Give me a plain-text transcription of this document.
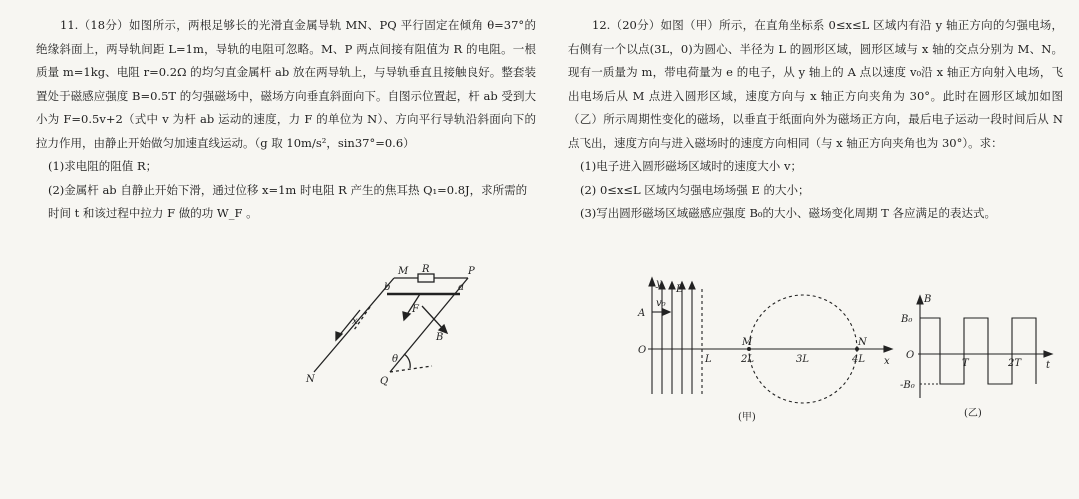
11.（18分）如图所示，两根足够长的光滑直金属导轨 MN、PQ 平行固定在倾角 θ=37°的绝缘斜面上，两导轨间距 L=1m，导轨的电阻可忽略。M、P 两点间接有阻值为 R 的电阻。一根质量 m=1kg、电阻 r=0.2Ω 的均匀直金属杆 ab 放在两导轨上，与导轨垂直且接触良好。整套装置处于磁感应强度 B=0.5T 的匀强磁场中，磁场方向垂直斜面向下。自图示位置起，杆 ab 受到大小为 F=0.5v+2（式中 v 为杆 ab 运动的速度，力 F 的单位为 N）、方向平行导轨沿斜面向下的拉力作用，由静止开始做匀加速直线运动。（g 取 10m/s²，sin37°=0.6）

(1)求电阻的阻值 R；

(2)金属杆 ab 自静止开始下滑，通过位移 x=1m 时电阻 R 产生的焦耳热 Q₁=0.8J，求所需的时间 t 和该过程中拉力 F 做的功 W_F 。

M R	P
b	a
F
x
B
θ
N	Q

12.（20分）如图（甲）所示，在直角坐标系 0≤x≤L 区域内有沿 y 轴正方向的匀强电场，右侧有一个以点(3L，0)为圆心、半径为 L 的圆形区域，圆形区域与 x 轴的交点分别为 M、N。现有一质量为 m，带电荷量为 e 的电子，从 y 轴上的 A 点以速度 v₀沿 x 轴正方向射入电场，飞出电场后从 M 点进入圆形区域，速度方向与 x 轴正方向夹角为 30°。此时在圆形区域加如图（乙）所示周期性变化的磁场，以垂直于纸面向外为磁场正方向，最后电子运动一段时间后从 N 点飞出，速度方向与进入磁场时的速度方向相同（与 x 轴正方向夹角也为 30°）。求：

(1)电子进入圆形磁场区域时的速度大小 v；

(2) 0≤x≤L 区域内匀强电场场强 E 的大小；

(3)写出圆形磁场区域磁感应强度 B₀的大小、磁场变化周期 T 各应满足的表达式。

y
E
v₀
A
O
L
M
2L	3L
N
4L x
(甲)
B
B₀
O
T	2T t
-B₀
(乙)
